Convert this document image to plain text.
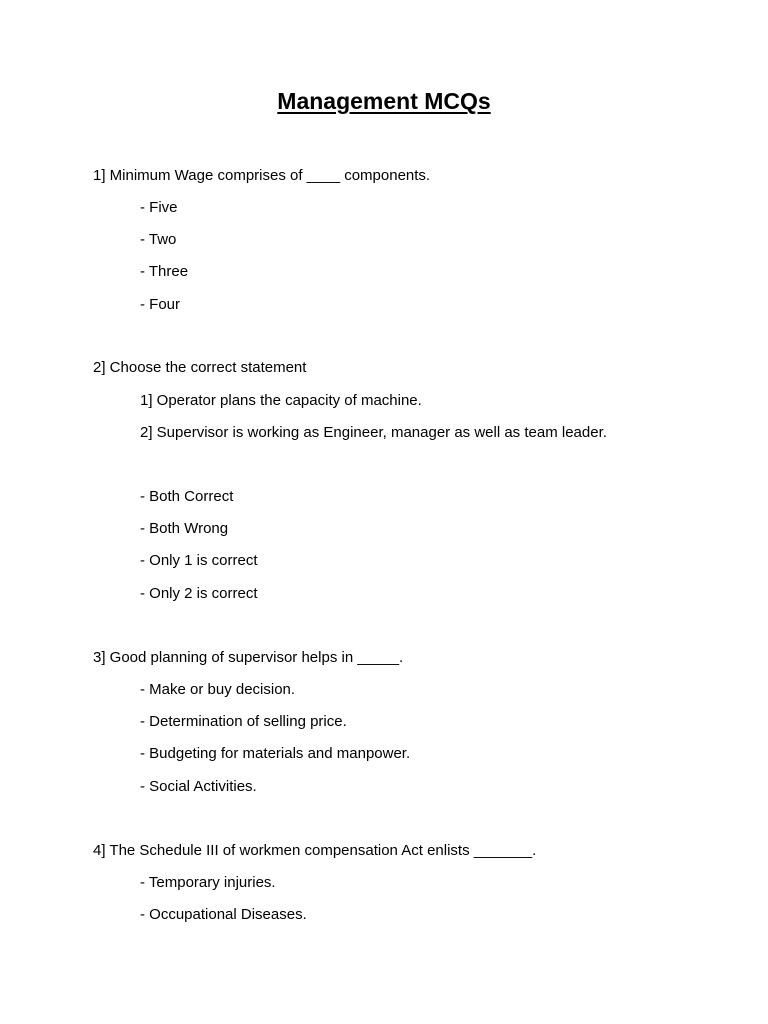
Management MCQs
1] Minimum Wage comprises of ____ components.
- Five
- Two
- Three
- Four
2] Choose the correct statement
1] Operator plans the capacity of machine.
2] Supervisor is working as Engineer, manager as well as team leader.
- Both Correct
- Both Wrong
- Only 1 is correct
- Only 2 is correct
3] Good planning of supervisor helps in _____.
- Make or buy decision.
- Determination of selling price.
- Budgeting for materials and manpower.
- Social Activities.
4] The Schedule III of workmen compensation Act enlists _______.
- Temporary injuries.
- Occupational Diseases.
